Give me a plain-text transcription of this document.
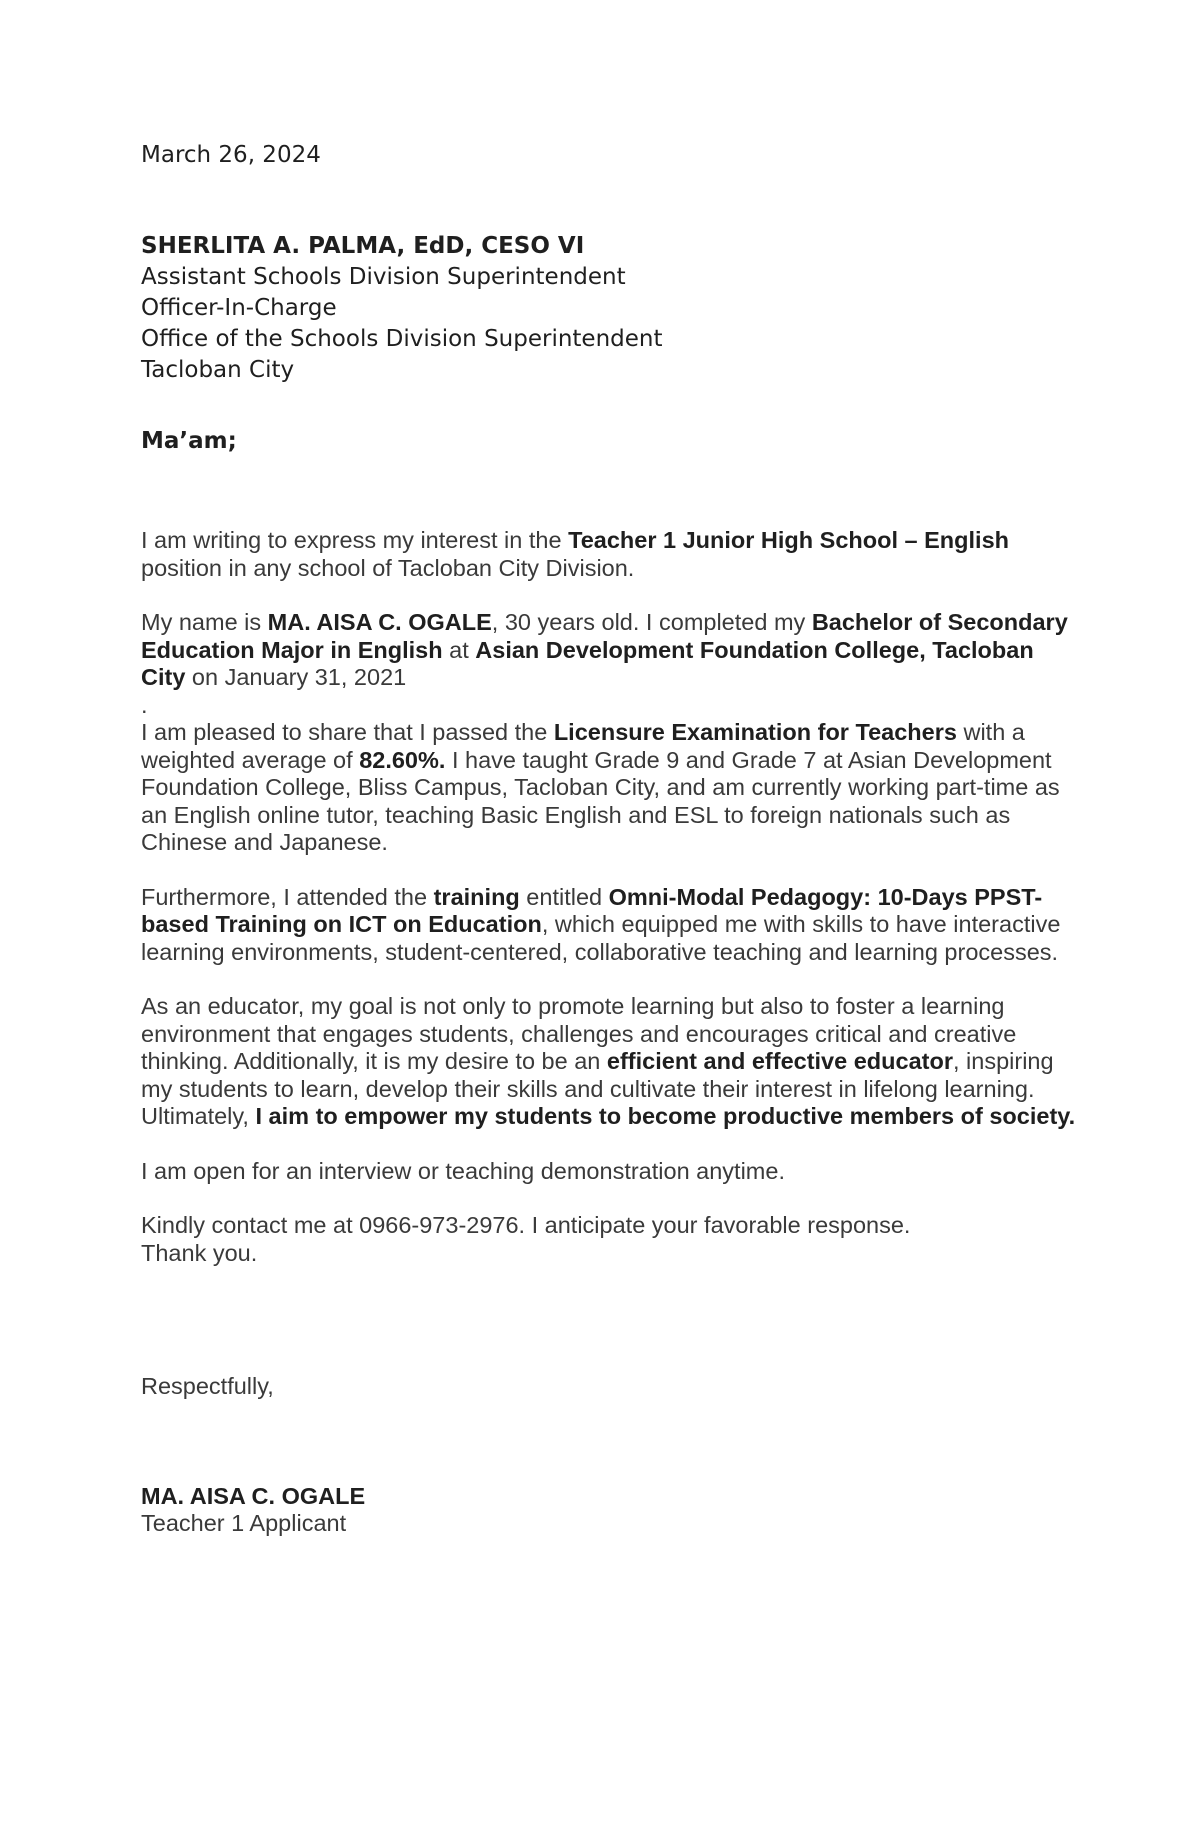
March 26, 2024
SHERLITA A. PALMA, EdD, CESO VI
Assistant Schools Division Superintendent
Officer-In-Charge
Office of the Schools Division Superintendent
Tacloban City
Ma’am;

I am writing to express my interest in the Teacher 1 Junior High School – English position in any school of Tacloban City Division.

My name is MA. AISA C. OGALE, 30 years old. I completed my Bachelor of Secondary Education Major in English at Asian Development Foundation College, Tacloban City on January 31, 2021

.

I am pleased to share that I passed the Licensure Examination for Teachers with a weighted average of 82.60%. I have taught Grade 9 and Grade 7 at Asian Development Foundation College, Bliss Campus, Tacloban City, and am currently working part-time as an English online tutor, teaching Basic English and ESL to foreign nationals such as Chinese and Japanese.

Furthermore, I attended the training entitled Omni-Modal Pedagogy: 10-Days PPST-based Training on ICT on Education, which equipped me with skills to have interactive learning environments, student-centered, collaborative teaching and learning processes.

As an educator, my goal is not only to promote learning but also to foster a learning environment that engages students, challenges and encourages critical and creative thinking. Additionally, it is my desire to be an efficient and effective educator, inspiring my students to learn, develop their skills and cultivate their interest in lifelong learning. Ultimately, I aim to empower my students to become productive members of society.

I am open for an interview or teaching demonstration anytime.

Kindly contact me at 0966-973-2976. I anticipate your favorable response.

Thank you.

Respectfully,
MA. AISA C. OGALE
Teacher 1 Applicant
